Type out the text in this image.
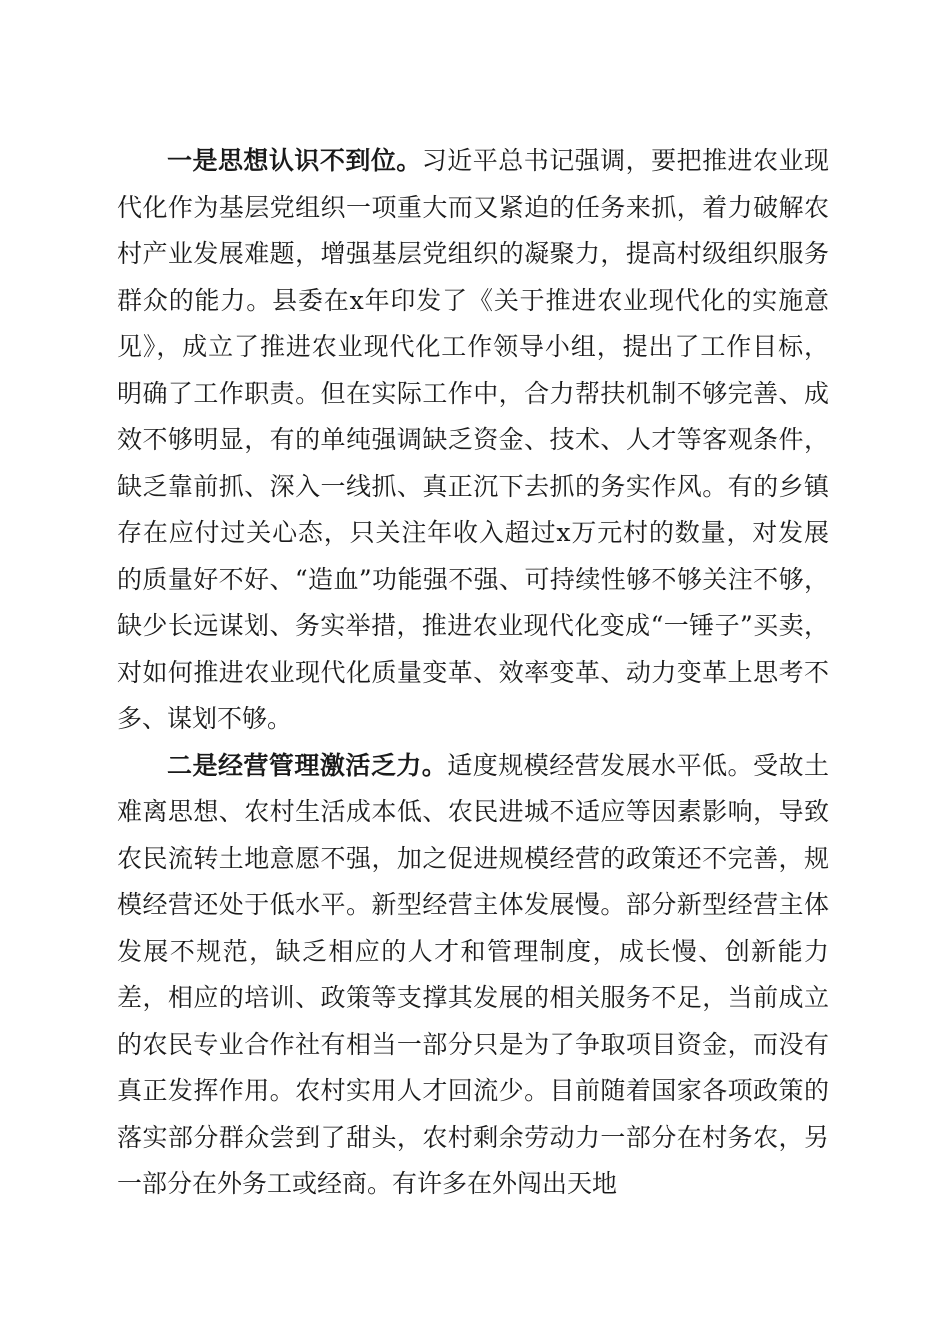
一是思想认识不到位。习近平总书记强调，要把推进农业现代化作为基层党组织一项重大而又紧迫的任务来抓，着力破解农村产业发展难题，增强基层党组织的凝聚力，提高村级组织服务群众的能力。县委在x年印发了《关于推进农业现代化的实施意见》，成立了推进农业现代化工作领导小组，提出了工作目标，明确了工作职责。但在实际工作中，合力帮扶机制不够完善、成效不够明显，有的单纯强调缺乏资金、技术、人才等客观条件，缺乏靠前抓、深入一线抓、真正沉下去抓的务实作风。有的乡镇存在应付过关心态，只关注年收入超过x万元村的数量，对发展的质量好不好、“造血”功能强不强、可持续性够不够关注不够，缺少长远谋划、务实举措，推进农业现代化变成“一锤子”买卖，对如何推进农业现代化质量变革、效率变革、动力变革上思考不多、谋划不够。

二是经营管理激活乏力。适度规模经营发展水平低。受故土难离思想、农村生活成本低、农民进城不适应等因素影响，导致农民流转土地意愿不强，加之促进规模经营的政策还不完善，规模经营还处于低水平。新型经营主体发展慢。部分新型经营主体发展不规范，缺乏相应的人才和管理制度，成长慢、创新能力差，相应的培训、政策等支撑其发展的相关服务不足，当前成立的农民专业合作社有相当一部分只是为了争取项目资金，而没有真正发挥作用。农村实用人才回流少。目前随着国家各项政策的落实部分群众尝到了甜头，农村剩余劳动力一部分在村务农，另一部分在外务工或经商。有许多在外闯出天地
